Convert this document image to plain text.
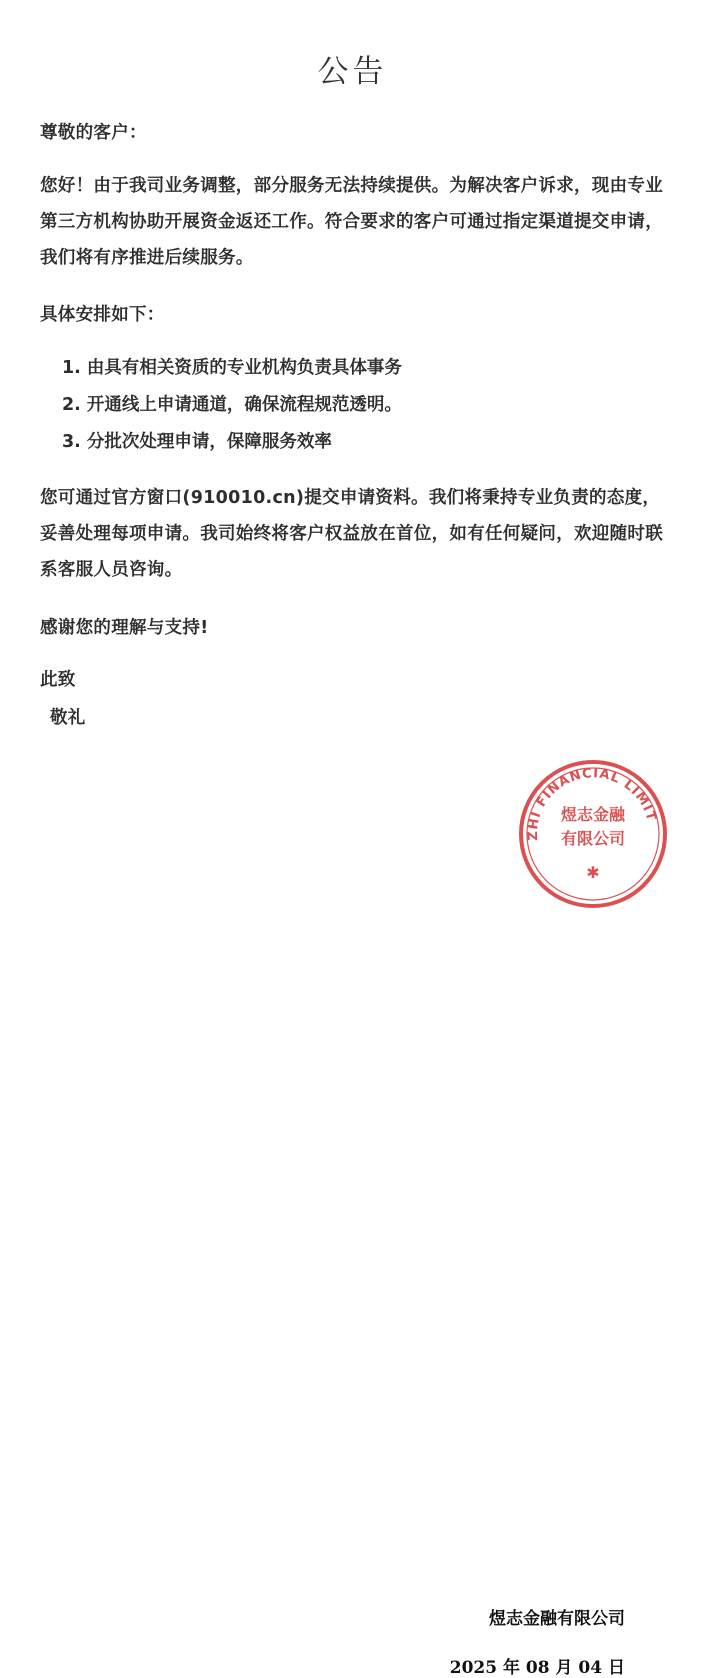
公告
尊敬的客户：
您好！由于我司业务调整，部分服务无法持续提供。为解决客户诉求，现由专业第三方机构协助开展资金返还工作。符合要求的客户可通过指定渠道提交申请，我们将有序推进后续服务。
具体安排如下：
1. 由具有相关资质的专业机构负责具体事务
2. 开通线上申请通道，确保流程规范透明。
3. 分批次处理申请，保障服务效率
您可通过官方窗口(910010.cn)提交申请资料。我们将秉持专业负责的态度，妥善处理每项申请。我司始终将客户权益放在首位，如有任何疑问，欢迎随时联系客服人员咨询。
感谢您的理解与支持!
此致
敬礼
煜志金融有限公司
2025 年 08 月 04 日
ZHI FINANCIAL LIMIT
煜志金融
有限公司
✱
